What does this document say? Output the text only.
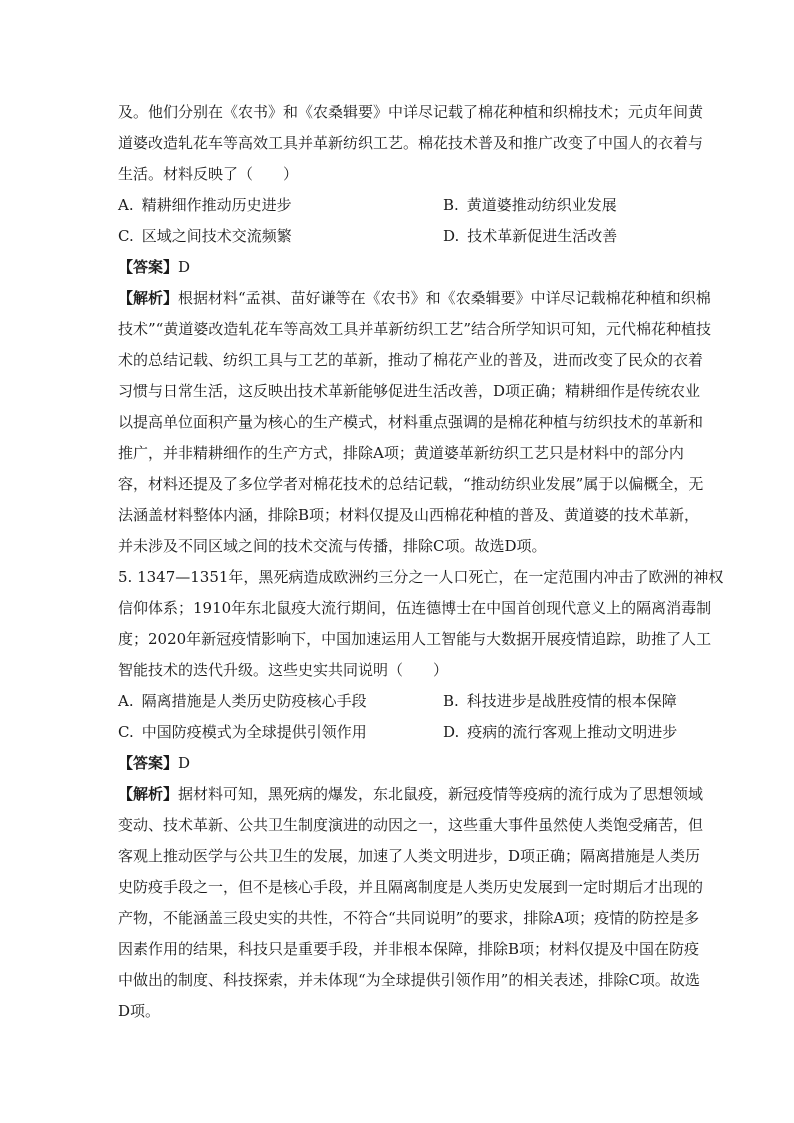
及。他们分别在《农书》和《农桑辑要》中详尽记载了棉花种植和织棉技术；元贞年间黄
道婆改造轧花车等高效工具并革新纺织工艺。棉花技术普及和推广改变了中国人的衣着与
生活。材料反映了（　　）
A. 精耕细作推动历史进步	B. 黄道婆推动纺织业发展
C. 区域之间技术交流频繁	D. 技术革新促进生活改善
【答案】D
【解析】根据材料“孟祺、苗好谦等在《农书》和《农桑辑要》中详尽记载棉花种植和织棉
技术”“黄道婆改造轧花车等高效工具并革新纺织工艺”结合所学知识可知，元代棉花种植技
术的总结记载、纺织工具与工艺的革新，推动了棉花产业的普及，进而改变了民众的衣着
习惯与日常生活，这反映出技术革新能够促进生活改善，D项正确；精耕细作是传统农业
以提高单位面积产量为核心的生产模式，材料重点强调的是棉花种植与纺织技术的革新和
推广，并非精耕细作的生产方式，排除A项；黄道婆革新纺织工艺只是材料中的部分内
容，材料还提及了多位学者对棉花技术的总结记载，“推动纺织业发展”属于以偏概全，无
法涵盖材料整体内涵，排除B项；材料仅提及山西棉花种植的普及、黄道婆的技术革新，
并未涉及不同区域之间的技术交流与传播，排除C项。故选D项。
5. 1347—1351年，黑死病造成欧洲约三分之一人口死亡，在一定范围内冲击了欧洲的神权
信仰体系；1910年东北鼠疫大流行期间，伍连德博士在中国首创现代意义上的隔离消毒制
度；2020年新冠疫情影响下，中国加速运用人工智能与大数据开展疫情追踪，助推了人工
智能技术的迭代升级。这些史实共同说明（　　）
A. 隔离措施是人类历史防疫核心手段	B. 科技进步是战胜疫情的根本保障
C. 中国防疫模式为全球提供引领作用	D. 疫病的流行客观上推动文明进步
【答案】D
【解析】据材料可知，黑死病的爆发，东北鼠疫，新冠疫情等疫病的流行成为了思想领域
变动、技术革新、公共卫生制度演进的动因之一，这些重大事件虽然使人类饱受痛苦，但
客观上推动医学与公共卫生的发展，加速了人类文明进步，D项正确；隔离措施是人类历
史防疫手段之一，但不是核心手段，并且隔离制度是人类历史发展到一定时期后才出现的
产物，不能涵盖三段史实的共性，不符合“共同说明”的要求，排除A项；疫情的防控是多
因素作用的结果，科技只是重要手段，并非根本保障，排除B项；材料仅提及中国在防疫
中做出的制度、科技探索，并未体现“为全球提供引领作用”的相关表述，排除C项。故选
D项。
